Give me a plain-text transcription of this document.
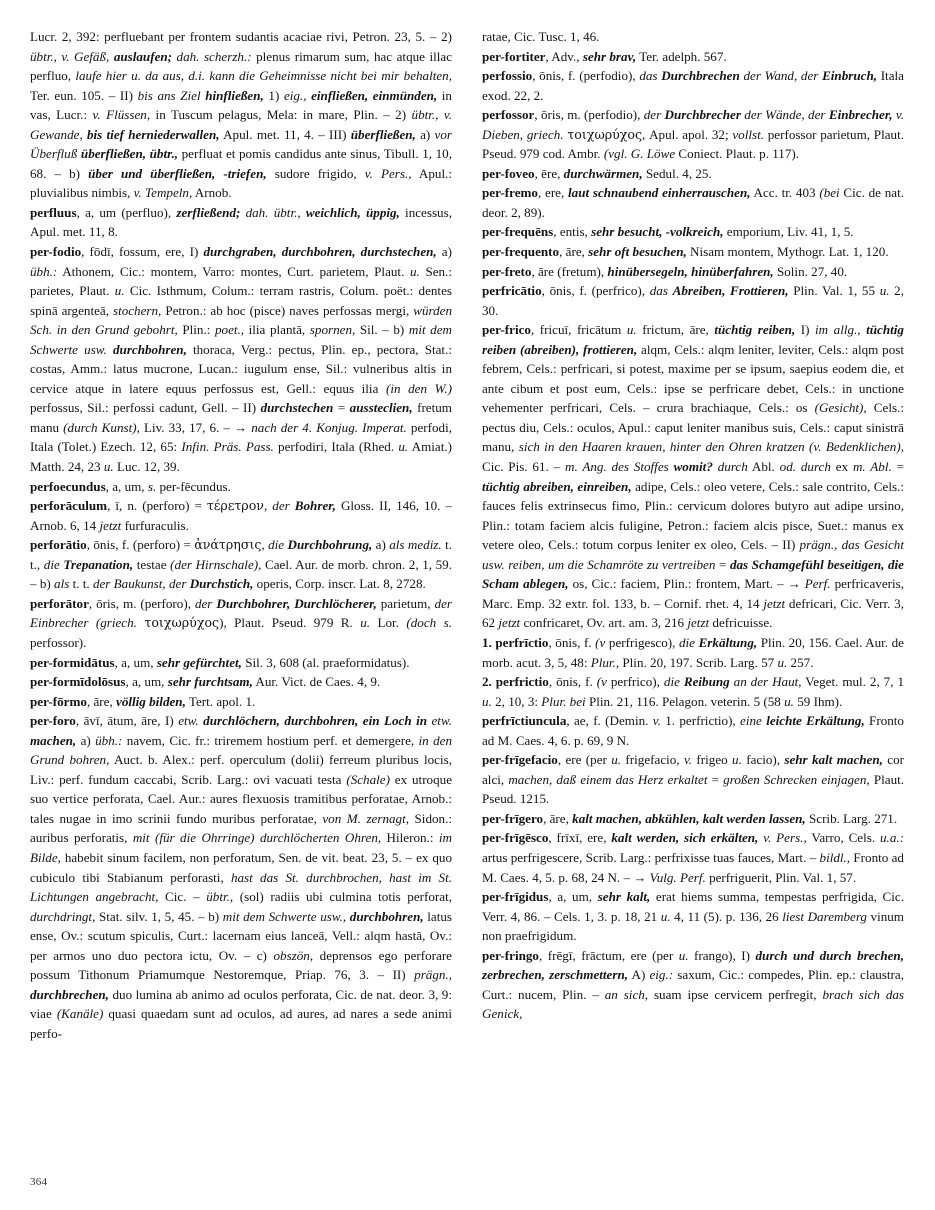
Lucr. 2, 392: perfluebant per frontem sudantis acaciae rivi, Petron. 23, 5. – 2) übtr., v. Gefäß, auslaufen; dah. scherzh.: plenus rimarum sum, hac atque illac perfluo, laufe hier u. da aus, d.i. kann die Geheimnisse nicht bei mir behalten, Ter. eun. 105. – II) bis ans Ziel hinfließen, 1) eig., einfließen, einmünden, in vas, Lucr.: v. Flüssen, in Tuscum pelagus, Mela: in mare, Plin. – 2) übtr., v. Gewande, bis tief herniederwallen, Apul. met. 11, 4. – III) überfließen, a) vor Überfluß überfließen, übtr., perfluat et pomis candidus ante sinus, Tibull. 1, 10, 68. – b) über und überfließen, -triefen, sudore frigido, v. Pers., Apul.: pluvialibus nimbis, v. Tempeln, Arnob.

perfluus, a, um (perfluo), zerfließend; dah. übtr., weichlich, üppig, incessus, Apul. met. 11, 8.

per-fodio, fōdī, fossum, ere, I) durchgraben, durchbohren, durchstechen, a) übh.: Athonem, Cic.: montem, Varro: montes, Curt. parietem, Plaut. u. Sen.: parietes, Plaut. u. Cic. Isthmum, Colum.: terram rastris, Colum. poët.: dentes spinā argenteā, stochern, Petron.: ab hoc (pisce) naves perfossas mergi, würden Sch. in den Grund gebohrt, Plin.: poet., ilia plantā, spornen, Sil. – b) mit dem Schwerte usw. durchbohren, thoraca, Verg.: pectus, Plin. ep., pectora, Stat.: costas, Amm.: latus mucrone, Lucan.: iugulum ense, Sil.: vulneribus altis in cervice atque in latere equus perfossus est, Gell.: equus ilia (in den W.) perfossus, Sil.: perfossi cadunt, Gell. – II) durchstechen = aussteclien, fretum manu (durch Kunst), Liv. 33, 17, 6. – → nach der 4. Konjug. Imperat. perfodi, Itala (Tolet.) Ezech. 12, 65: Infin. Präs. Pass. perfodiri, Itala (Rhed. u. Amiat.) Matth. 24, 23 u. Luc. 12, 39.

perfoecundus, a, um, s. per-fēcundus.

perforāculum, ī, n. (perforo) = τέρετρον, der Bohrer, Gloss. II, 146, 10. – Arnob. 6, 14 jetzt furfuraculis.

perforātio, ōnis, f. (perforo) = ἀνάτρησις, die Durchbohrung, a) als mediz. t. t., die Trepanation, testae (der Hirnschale), Cael. Aur. de morb. chron. 2, 1, 59. – b) als t. t. der Baukunst, der Durchstich, operis, Corp. inscr. Lat. 8, 2728.

perforātor, ōris, m. (perforo), der Durchbohrer, Durchlöcherer, parietum, der Einbrecher (griech. τοιχωρύχος), Plaut. Pseud. 979 R. u. Lor. (doch s. perfossor).

per-formidātus, a, um, sehr gefürchtet, Sil. 3, 608 (al. praeformidatus).

per-formīdolōsus, a, um, sehr furchtsam, Aur. Vict. de Caes. 4, 9.

per-fōrmo, āre, völlig bilden, Tert. apol. 1.

per-foro, āvī, ātum, āre, I) etw. durchlöchern, durchbohren, ein Loch in etw. machen, a) übh.: navem, Cic. fr.: triremem hostium perf. et demergere, in den Grund bohren, Auct. b. Alex.: perf. operculum (dolii) ferreum pluribus locis, Liv.: perf. fundum caccabi, Scrib. Larg.: ovi vacuati testa (Schale) ex utroque suo vertice perforata, Cael. Aur.: aures flexuosis tramitibus perforatae, Arnob.: tales nugae in imo scrinii fundo muribus perforatae, von M. zernagt, Sidon.: auribus perforatis, mit (für die Ohrringe) durchlöcherten Ohren, Hileron.: im Bilde, habebit sinum facilem, non perforatum, Sen. de vit. beat. 23, 5. – ex quo cubiculo tibi Stabianum perforasti, hast das St. durchbrochen, hast im St. Lichtungen angebracht, Cic. – übtr., (sol) radiis ubi culmina totis perforat, durchdringt, Stat. silv. 1, 5, 45. – b) mit dem Schwerte usw., durchbohren, latus ense, Ov.: scutum spiculis, Curt.: lacernam eius lanceā, Vell.: alqm hastā, Ov.: per armos uno duo pectora ictu, Ov. – c) obszön, deprensos ego perforare possum Tithonum Priamumque Nestoremque, Priap. 76, 3. – II) prägn., durchbrechen, duo lumina ab animo ad oculos perforata, Cic. de nat. deor. 3, 9: viae (Kanäle) quasi quaedam sunt ad oculos, ad aures, ad nares a sede animi perfo-

ratae, Cic. Tusc. 1, 46.

per-fortiter, Adv., sehr brav, Ter. adelph. 567.

perfossio, ōnis, f. (perfodio), das Durchbrechen der Wand, der Einbruch, Itala exod. 22, 2.

perfossor, ōris, m. (perfodio), der Durchbrecher der Wände, der Einbrecher, v. Dieben, griech. τοιχωρύχος, Apul. apol. 32; vollst. perfossor parietum, Plaut. Pseud. 979 cod. Ambr. (vgl. G. Löwe Coniect. Plaut. p. 117).

per-foveo, ēre, durchwärmen, Sedul. 4, 25.

per-fremo, ere, laut schnaubend einherrauschen, Acc. tr. 403 (bei Cic. de nat. deor. 2, 89).

per-frequēns, entis, sehr besucht, -volkreich, emporium, Liv. 41, 1, 5.

per-frequento, āre, sehr oft besuchen, Nisam montem, Mythogr. Lat. 1, 120.

per-freto, āre (fretum), hinübersegeln, hinüberfahren, Solin. 27, 40.

perfricātio, ōnis, f. (perfrico), das Abreiben, Frottieren, Plin. Val. 1, 55 u. 2, 30.

per-frico, fricuī, fricātum u. frictum, āre, tüchtig reiben, I) im allg., tüchtig reiben (abreiben), frottieren, alqm, Cels.: alqm leniter, leviter, Cels.: alqm post febrem, Cels.: perfricari, si potest, maxime per se ipsum, saepius eodem die, et ante cibum et post eum, Cels.: ipse se perfricare debet, Cels.: in unctione vehementer perfricari, Cels. – crura brachiaque, Cels.: os (Gesicht), Cels.: pectus diu, Cels.: oculos, Apul.: caput leniter manibus suis, Cels.: caput sinistrā manu, sich in den Haaren krauen, hinter den Ohren kratzen (v. Bedenklichen), Cic. Pis. 61. – m. Ang. des Stoffes womit? durch Abl. od. durch ex m. Abl. = tüchtig abreiben, einreiben, adipe, Cels.: oleo vetere, Cels.: sale contrito, Cels.: fauces felis extrinsecus fimo, Plin.: cervicum dolores butyro aut adipe ursino, Plin.: totam faciem alcis fuligine, Petron.: faciem alcis pisce, Suet.: manus ex vetere oleo, Cels.: totum corpus leniter ex oleo, Cels. – II) prägn., das Gesicht usw. reiben, um die Schamröte zu vertreiben = das Schamgefühl beseitigen, die Scham ablegen, os, Cic.: faciem, Plin.: frontem, Mart. – → Perf. perfricaveris, Marc. Emp. 32 extr. fol. 133, b. – Cornif. rhet. 4, 14 jetzt defricari, Cic. Verr. 3, 62 jetzt confricaret, Ov. art. am. 3, 216 jetzt defricuisse.

1. perfrīctio, ōnis, f. (v perfrigesco), die Erkältung, Plin. 20, 156. Cael. Aur. de morb. acut. 3, 5, 48: Plur., Plin. 20, 197. Scrib. Larg. 57 u. 257.

2. perfrictio, ōnis, f. (v perfrico), die Reibung an der Haut, Veget. mul. 2, 7, 1 u. 2, 10, 3: Plur. bei Plin. 21, 116. Pelagon. veterin. 5 (58 u. 59 Ihm).

perfrīctiuncula, ae, f. (Demin. v. 1. perfrictio), eine leichte Erkältung, Fronto ad M. Caes. 4, 6. p. 69, 9 N.

per-frīgefacio, ere (per u. frigefacio, v. frigeo u. facio), sehr kalt machen, cor alci, machen, daß einem das Herz erkaltet = großen Schrecken einjagen, Plaut. Pseud. 1215.

per-frīgero, āre, kalt machen, abkühlen, kalt werden lassen, Scrib. Larg. 271.

per-frīgēsco, frīxī, ere, kalt werden, sich erkälten, v. Pers., Varro, Cels. u.a.: artus perfrigescere, Scrib. Larg.: perfrixisse tuas fauces, Mart. – bildl., Fronto ad M. Caes. 4, 5. p. 68, 24 N. – → Vulg. Perf. perfriguerit, Plin. Val. 1, 57.

per-frīgidus, a, um, sehr kalt, erat hiems summa, tempestas perfrigida, Cic. Verr. 4, 86. – Cels. 1, 3. p. 18, 21 u. 4, 11 (5). p. 136, 26 liest Daremberg vinum non praefrigidum.

per-fringo, frēgī, frāctum, ere (per u. frango), I) durch und durch brechen, zerbrechen, zerschmettern, A) eig.: saxum, Cic.: compedes, Plin. ep.: claustra, Curt.: nucem, Plin. – an sich, suam ipse cervicem perfregit, brach sich das Genick,

364
